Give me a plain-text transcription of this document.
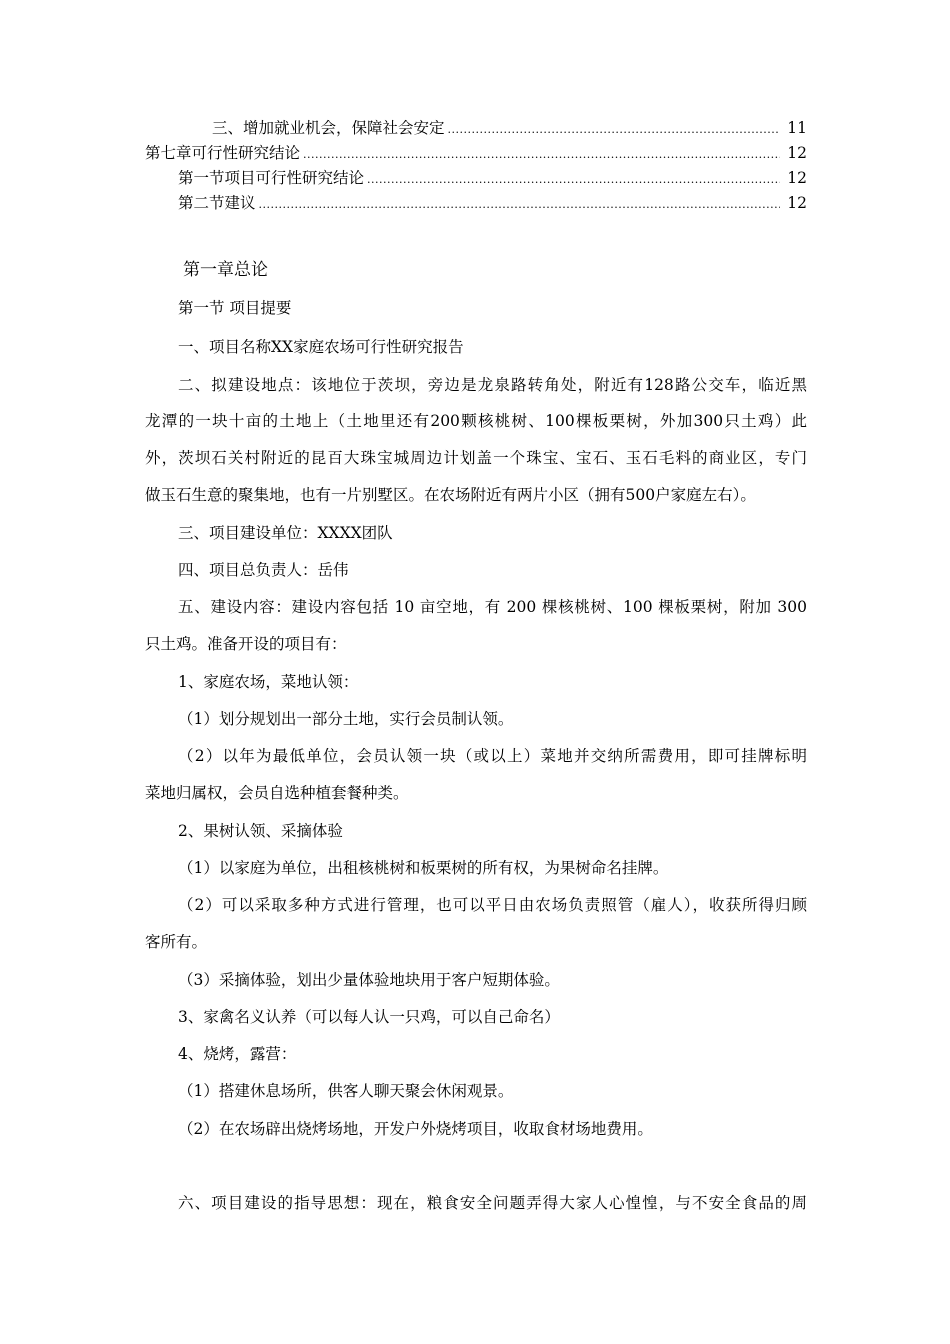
三、增加就业机会，保障社会安定 .....	11
第七章可行性研究结论 .....	12
第一节项目可行性研究结论 .....	12
第二节建议 .....	12
第一章总论
第一节 项目提要
一、项目名称XX家庭农场可行性研究报告
二、拟建设地点：该地位于茨坝，旁边是龙泉路转角处，附近有128路公交车，临近黑
龙潭的一块十亩的土地上（土地里还有200颗核桃树、100棵板栗树，外加300只土鸡）此
外，茨坝石关村附近的昆百大珠宝城周边计划盖一个珠宝、宝石、玉石毛料的商业区，专门
做玉石生意的聚集地，也有一片别墅区。在农场附近有两片小区（拥有500户家庭左右）。
三、项目建设单位：XXXX团队
四、项目总负责人：岳伟
五、建设内容：建设内容包括 10 亩空地，有 200 棵核桃树、100 棵板栗树，附加 300
只土鸡。准备开设的项目有：
1、家庭农场，菜地认领：
（1）划分规划出一部分土地，实行会员制认领。
（2）以年为最低单位，会员认领一块（或以上）菜地并交纳所需费用，即可挂牌标明
菜地归属权，会员自选种植套餐种类。
2、果树认领、采摘体验
（1）以家庭为单位，出租核桃树和板栗树的所有权，为果树命名挂牌。
（2）可以采取多种方式进行管理，也可以平日由农场负责照管（雇人），收获所得归顾
客所有。
（3）采摘体验，划出少量体验地块用于客户短期体验。
3、家禽名义认养（可以每人认一只鸡，可以自己命名）
4、烧烤，露营：
（1）搭建休息场所，供客人聊天聚会休闲观景。
（2）在农场辟出烧烤场地，开发户外烧烤项目，收取食材场地费用。
六、项目建设的指导思想：现在，粮食安全问题弄得大家人心惶惶，与不安全食品的周
